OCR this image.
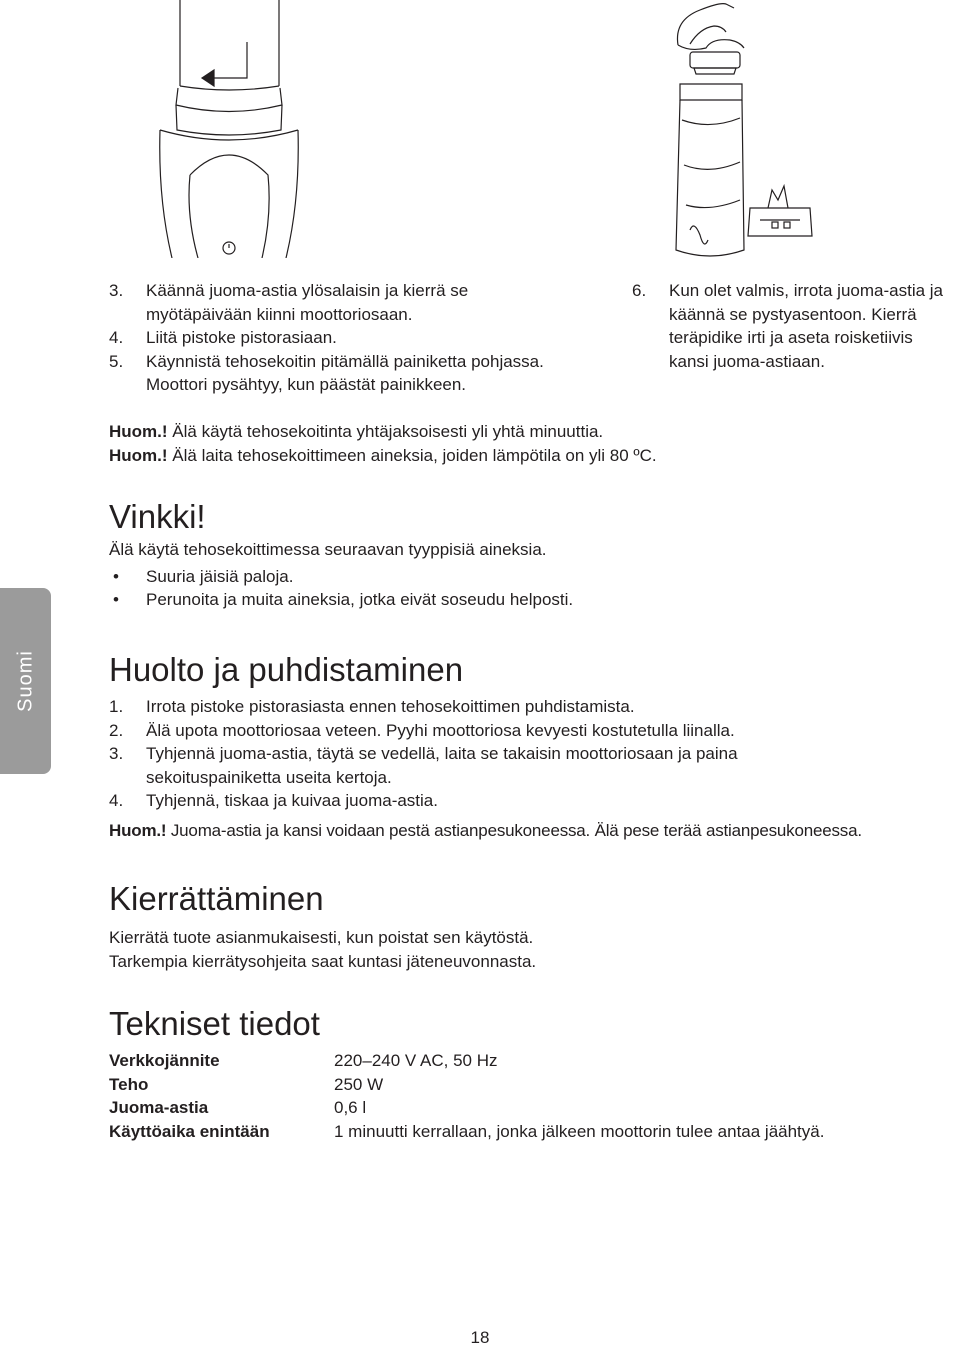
3. Käännä juoma-astia ylösalaisin ja kierrä se myötäpäivään kiinni moottoriosaan.
4. Liitä pistoke pistorasiaan.
5. Käynnistä tehosekoitin pitämällä painiketta pohjassa. Moottori pysähtyy, kun päästät painikkeen.
6. Kun olet valmis, irrota juoma-astia ja käännä se pystyasentoon. Kierrä teräpidike irti ja aseta roisketiivis kansi juoma-astiaan.
Huom.! Älä käytä tehosekoitinta yhtäjaksoisesti yli yhtä minuuttia.
Huom.! Älä laita tehosekoittimeen aineksia, joiden lämpötila on yli 80 ºC.
Suomi
Vinkki!
Älä käytä tehosekoittimessa seuraavan tyyppisiä aineksia.
• Suuria jäisiä paloja.
• Perunoita ja muita aineksia, jotka eivät soseudu helposti.
Huolto ja puhdistaminen
1. Irrota pistoke pistorasiasta ennen tehosekoittimen puhdistamista.
2. Älä upota moottoriosaa veteen. Pyyhi moottoriosa kevyesti kostutetulla liinalla.
3. Tyhjennä juoma-astia, täytä se vedellä, laita se takaisin moottoriosaan ja paina sekoituspainiketta useita kertoja.
4. Tyhjennä, tiskaa ja kuivaa juoma-astia.
Huom.! Juoma-astia ja kansi voidaan pestä astianpesukoneessa. Älä pese terää astianpesukoneessa.
Kierrättäminen
Kierrätä tuote asianmukaisesti, kun poistat sen käytöstä.
Tarkempia kierrätysohjeita saat kuntasi jäteneuvonnasta.
Tekniset tiedot
Verkkojännite	220–240 V AC, 50 Hz
Teho	250 W
Juoma-astia	0,6 l
Käyttöaika enintään	1 minuutti kerrallaan, jonka jälkeen moottorin tulee antaa jäähtyä.
18
